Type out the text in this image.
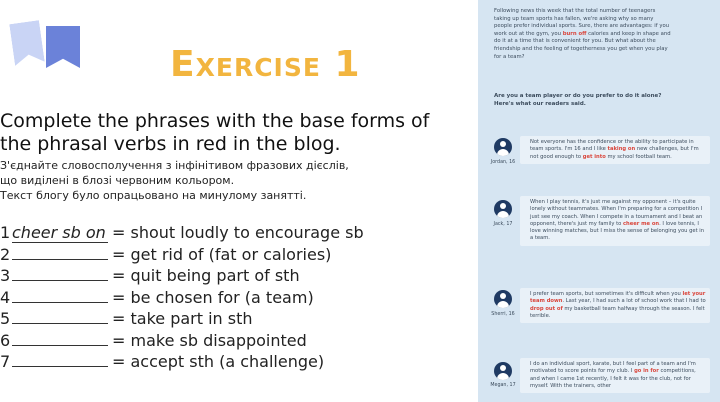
Exercise 1
Complete the phrases with the base forms of the phrasal verbs in red in the blog.
З'єднайте словосполучення з інфінітивом фразових дієслів,
що виділені в блозі червоним кольором.
Текст блогу було опрацьовано на минулому занятті.
1 cheer sb on = shout loudly to encourage sb
2	= get rid of (fat or calories)
3	= quit being part of sth
4	= be chosen for (a team)
5	= take part in sth
6	= make sb disappointed
7	= accept sth (a challenge)
Following news this week that the total number of teenagers taking up team sports has fallen, we're asking why so many people prefer individual sports. Sure, there are advantages: if you work out at the gym, you burn off calories and keep in shape and do it at a time that is convenient for you. But what about the friendship and the feeling of togetherness you get when you play for a team?
Are you a team player or do you prefer to do it alone? Here's what our readers said.
Jordan, 16
Not everyone has the confidence or the ability to participate in team sports. I'm 16 and I like taking on new challenges, but I'm not good enough to get into my school football team.
Jack, 17
When I play tennis, it's just me against my opponent – it's quite lonely without teammates. When I'm preparing for a competition I just see my coach. When I compete in a tournament and I beat an opponent, there's just my family to cheer me on. I love tennis, I love winning matches, but I miss the sense of belonging you get in a team.
Sherri, 16
I prefer team sports, but sometimes it's difficult when you let your team down. Last year, I had such a lot of school work that I had to drop out of my basketball team halfway through the season. I felt terrible.
Megan, 17
I do an individual sport, karate, but I feel part of a team and I'm motivated to score points for my club. I go in for competitions, and when I came 1st recently, I felt it was for the club, not for myself. With the trainers, other
